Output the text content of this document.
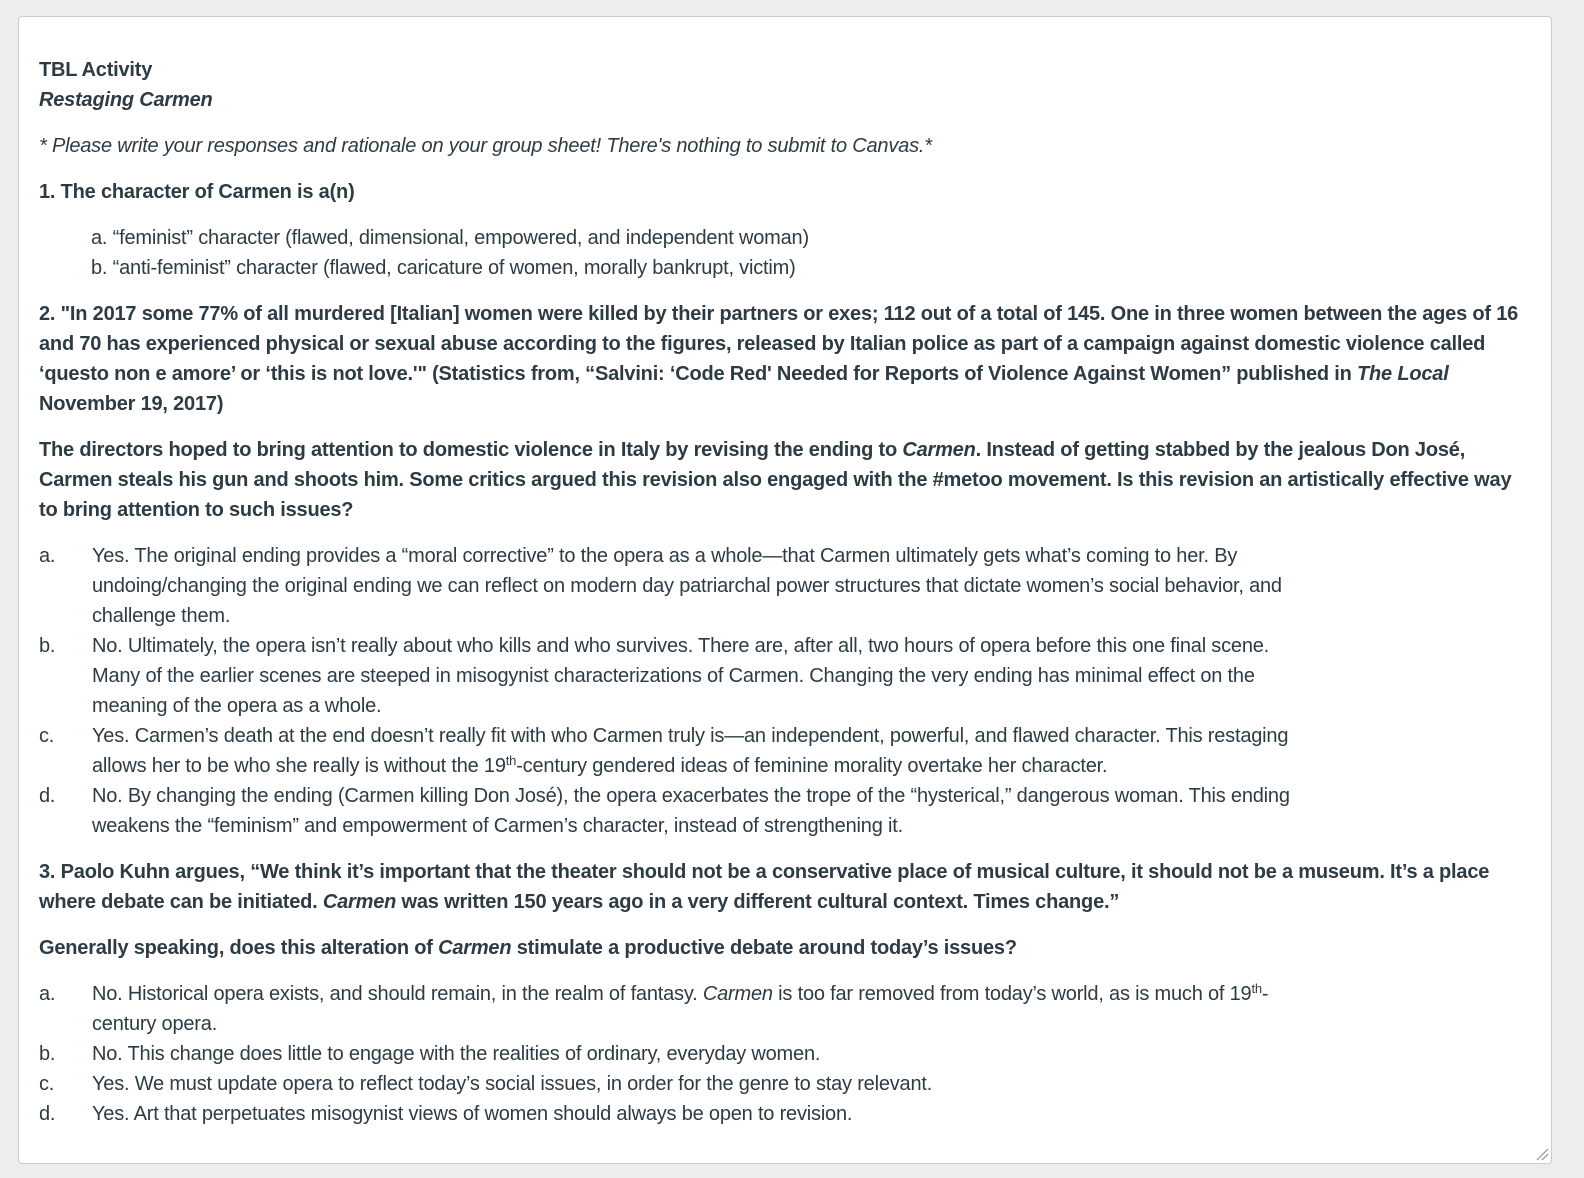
TBL Activity

Restaging Carmen

* Please write your responses and rationale on your group sheet! There's nothing to submit to Canvas.*

1. The character of Carmen is a(n)

a. “feminist” character (flawed, dimensional, empowered, and independent woman)
b. “anti-feminist” character (flawed, caricature of women, morally bankrupt, victim)

2. "In 2017 some 77% of all murdered [Italian] women were killed by their partners or exes; 112 out of a total of 145. One in three women between the ages of 16 and 70 has experienced physical or sexual abuse according to the figures, released by Italian police as part of a campaign against domestic violence called ‘questo non e amore’ or ‘this is not love.'" (Statistics from, “Salvini: ‘Code Red' Needed for Reports of Violence Against Women” published in The Local November 19, 2017)

The directors hoped to bring attention to domestic violence in Italy by revising the ending to Carmen. Instead of getting stabbed by the jealous Don José, Carmen steals his gun and shoots him. Some critics argued this revision also engaged with the #metoo movement. Is this revision an artistically effective way to bring attention to such issues?

a.	Yes. The original ending provides a “moral corrective” to the opera as a whole—that Carmen ultimately gets what’s coming to her. By undoing/changing the original ending we can reflect on modern day patriarchal power structures that dictate women’s social behavior, and challenge them.
b.	No. Ultimately, the opera isn’t really about who kills and who survives. There are, after all, two hours of opera before this one final scene. Many of the earlier scenes are steeped in misogynist characterizations of Carmen. Changing the very ending has minimal effect on the meaning of the opera as a whole.
c.	Yes. Carmen’s death at the end doesn’t really fit with who Carmen truly is—an independent, powerful, and flawed character. This restaging allows her to be who she really is without the 19th-century gendered ideas of feminine morality overtake her character.
d.	No. By changing the ending (Carmen killing Don José), the opera exacerbates the trope of the “hysterical,” dangerous woman. This ending weakens the “feminism” and empowerment of Carmen’s character, instead of strengthening it.

3. Paolo Kuhn argues, “We think it’s important that the theater should not be a conservative place of musical culture, it should not be a museum. It’s a place where debate can be initiated. Carmen was written 150 years ago in a very different cultural context. Times change.”

Generally speaking, does this alteration of Carmen stimulate a productive debate around today’s issues?

a.	No. Historical opera exists, and should remain, in the realm of fantasy. Carmen is too far removed from today’s world, as is much of 19th-century opera.
b.	No. This change does little to engage with the realities of ordinary, everyday women.
c.	Yes. We must update opera to reflect today’s social issues, in order for the genre to stay relevant.
d.	Yes. Art that perpetuates misogynist views of women should always be open to revision.
